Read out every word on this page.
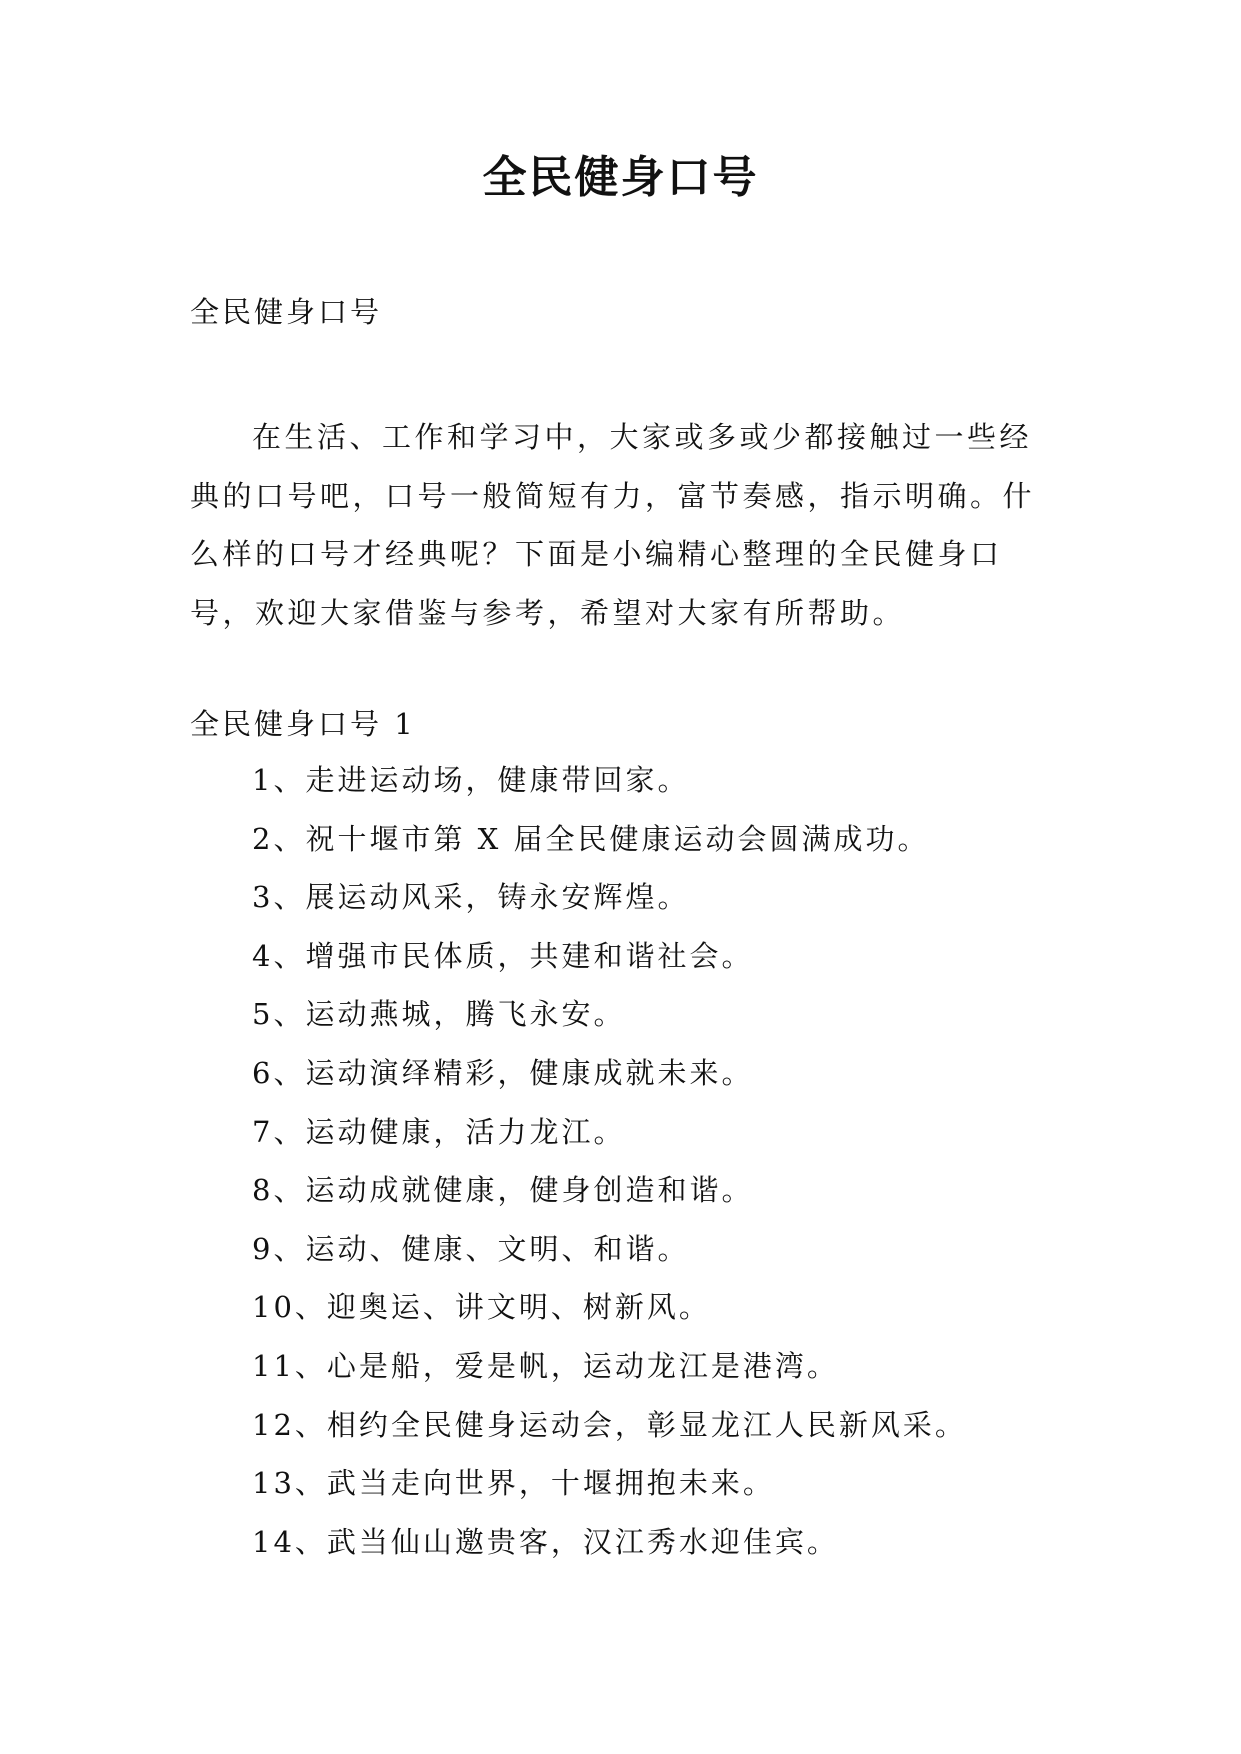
全民健身口号
全民健身口号

在生活、工作和学习中，大家或多或少都接触过一些经典的口号吧，口号一般简短有力，富节奏感，指示明确。什么样的口号才经典呢？下面是小编精心整理的全民健身口号，欢迎大家借鉴与参考，希望对大家有所帮助。

全民健身口号 1
1、走进运动场，健康带回家。
2、祝十堰市第 X 届全民健康运动会圆满成功。
3、展运动风采，铸永安辉煌。
4、增强市民体质，共建和谐社会。
5、运动燕城，腾飞永安。
6、运动演绎精彩，健康成就未来。
7、运动健康，活力龙江。
8、运动成就健康，健身创造和谐。
9、运动、健康、文明、和谐。
10、迎奥运、讲文明、树新风。
11、心是船，爱是帆，运动龙江是港湾。
12、相约全民健身运动会，彰显龙江人民新风采。
13、武当走向世界，十堰拥抱未来。
14、武当仙山邀贵客，汉江秀水迎佳宾。
